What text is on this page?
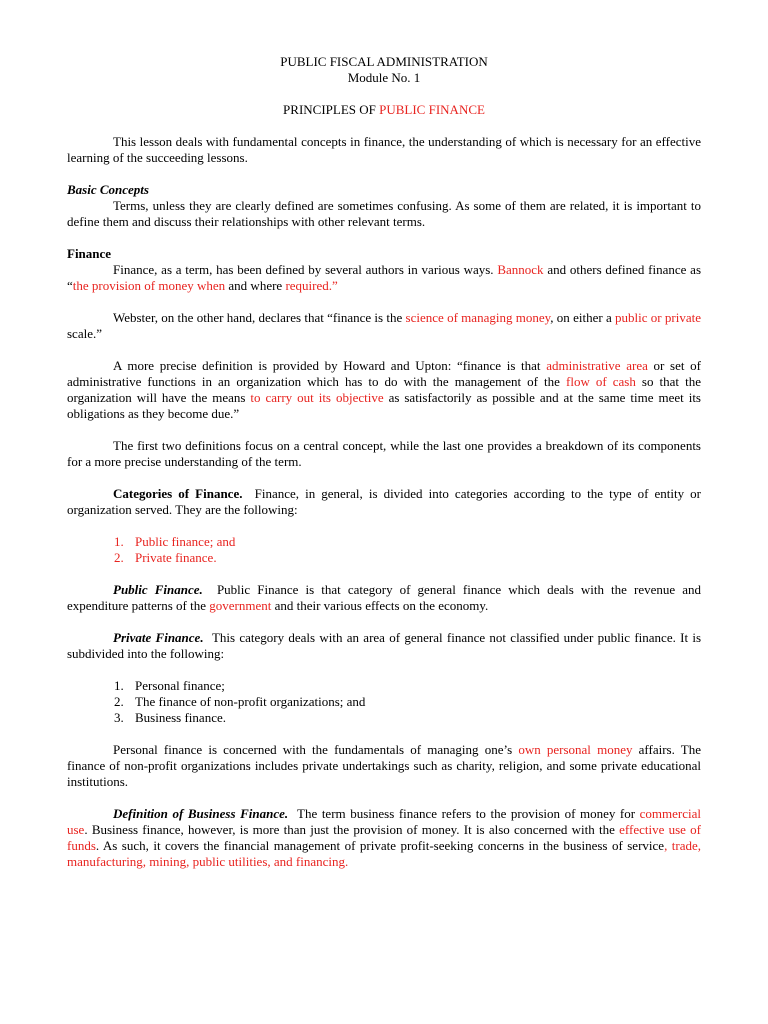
PUBLIC FISCAL ADMINISTRATION
Module No. 1
PRINCIPLES OF PUBLIC FINANCE

This lesson deals with fundamental concepts in finance, the understanding of which is necessary for an effective learning of the succeeding lessons.

Basic Concepts

Terms, unless they are clearly defined are sometimes confusing. As some of them are related, it is important to define them and discuss their relationships with other relevant terms.

Finance

Finance, as a term, has been defined by several authors in various ways. Bannock and others defined finance as “the provision of money when and where required.”

Webster, on the other hand, declares that “finance is the science of managing money, on either a public or private scale.”

A more precise definition is provided by Howard and Upton: “finance is that administrative area or set of administrative functions in an organization which has to do with the management of the flow of cash so that the organization will have the means to carry out its objective as satisfactorily as possible and at the same time meet its obligations as they become due.”

The first two definitions focus on a central concept, while the last one provides a breakdown of its components for a more precise understanding of the term.

Categories of Finance. Finance, in general, is divided into categories according to the type of entity or organization served. They are the following:

1. Public finance; and
2. Private finance.

Public Finance. Public Finance is that category of general finance which deals with the revenue and expenditure patterns of the government and their various effects on the economy.

Private Finance. This category deals with an area of general finance not classified under public finance. It is subdivided into the following:

1. Personal finance;
2. The finance of non-profit organizations; and
3. Business finance.

Personal finance is concerned with the fundamentals of managing one’s own personal money affairs. The finance of non-profit organizations includes private undertakings such as charity, religion, and some private educational institutions.

Definition of Business Finance. The term business finance refers to the provision of money for commercial use. Business finance, however, is more than just the provision of money. It is also concerned with the effective use of funds. As such, it covers the financial management of private profit-seeking concerns in the business of service, trade, manufacturing, mining, public utilities, and financing.
